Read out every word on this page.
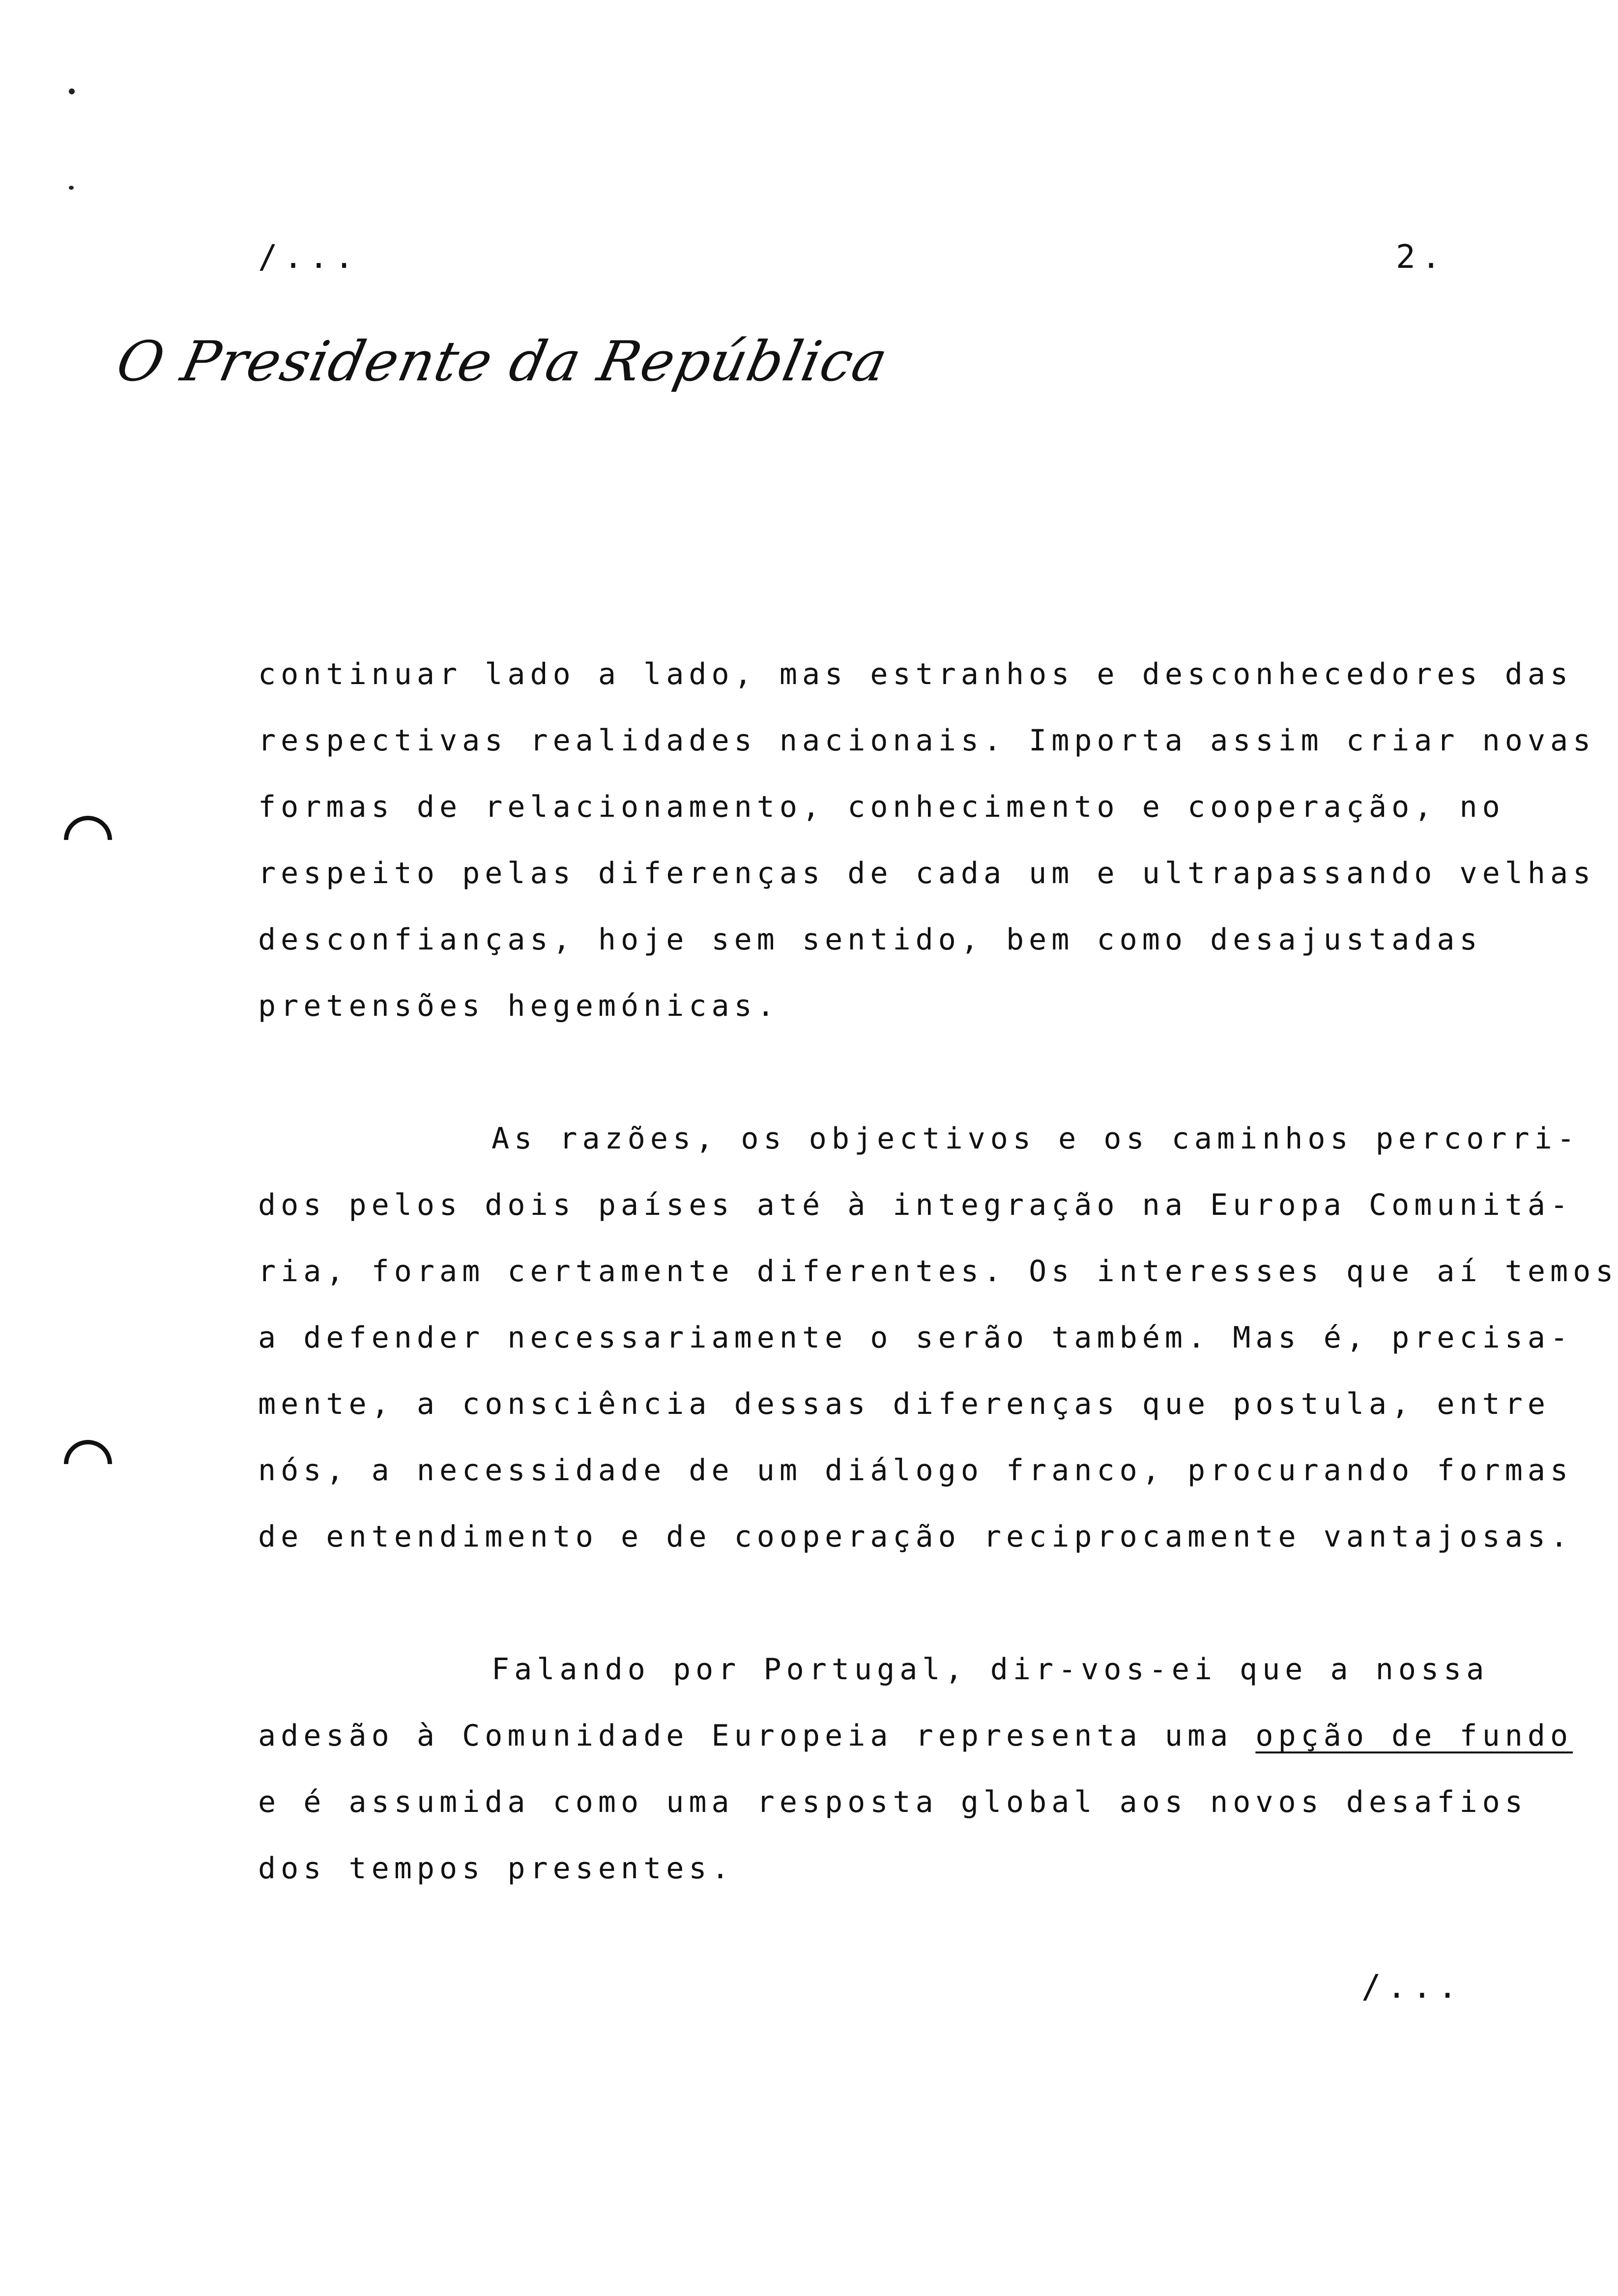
/...	2.
O Presidente da República
continuar lado a lado, mas estranhos e desconhecedores das
respectivas realidades nacionais. Importa assim criar novas
formas de relacionamento, conhecimento e cooperação, no
respeito pelas diferenças de cada um e ultrapassando velhas
desconfianças, hoje sem sentido, bem como desajustadas
pretensões hegemónicas.
As razões, os objectivos e os caminhos percorri-
dos pelos dois países até à integração na Europa Comunitá-
ria, foram certamente diferentes. Os interesses que aí temos
a defender necessariamente o serão também. Mas é, precisa-
mente, a consciência dessas diferenças que postula, entre
nós, a necessidade de um diálogo franco, procurando formas
de entendimento e de cooperação reciprocamente vantajosas.
Falando por Portugal, dir-vos-ei que a nossa
adesão à Comunidade Europeia representa uma opção de fundo
e é assumida como uma resposta global aos novos desafios
dos tempos presentes.
/...
